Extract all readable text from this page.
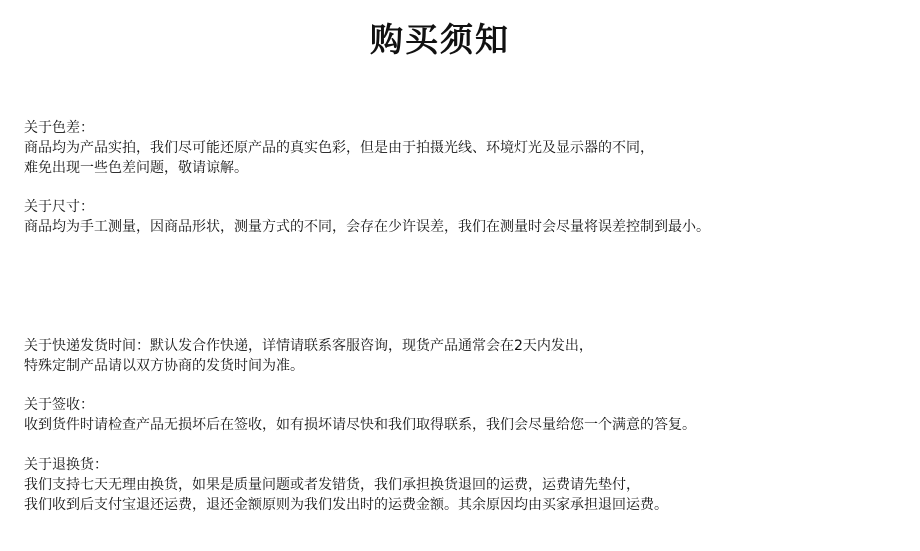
购买须知

关于色差：

商品均为产品实拍，我们尽可能还原产品的真实色彩，但是由于拍摄光线、环境灯光及显示器的不同，

难免出现一些色差问题，敬请谅解。

关于尺寸：

商品均为手工测量，因商品形状，测量方式的不同，会存在少许误差，我们在测量时会尽量将误差控制到最小。

关于快递发货时间：默认发合作快递，详情请联系客服咨询，现货产品通常会在2天内发出，

特殊定制产品请以双方协商的发货时间为准。

关于签收：

收到货件时请检查产品无损坏后在签收，如有损坏请尽快和我们取得联系，我们会尽量给您一个满意的答复。

关于退换货：

我们支持七天无理由换货，如果是质量问题或者发错货，我们承担换货退回的运费，运费请先垫付，

我们收到后支付宝退还运费，退还金额原则为我们发出时的运费金额。其余原因均由买家承担退回运费。
